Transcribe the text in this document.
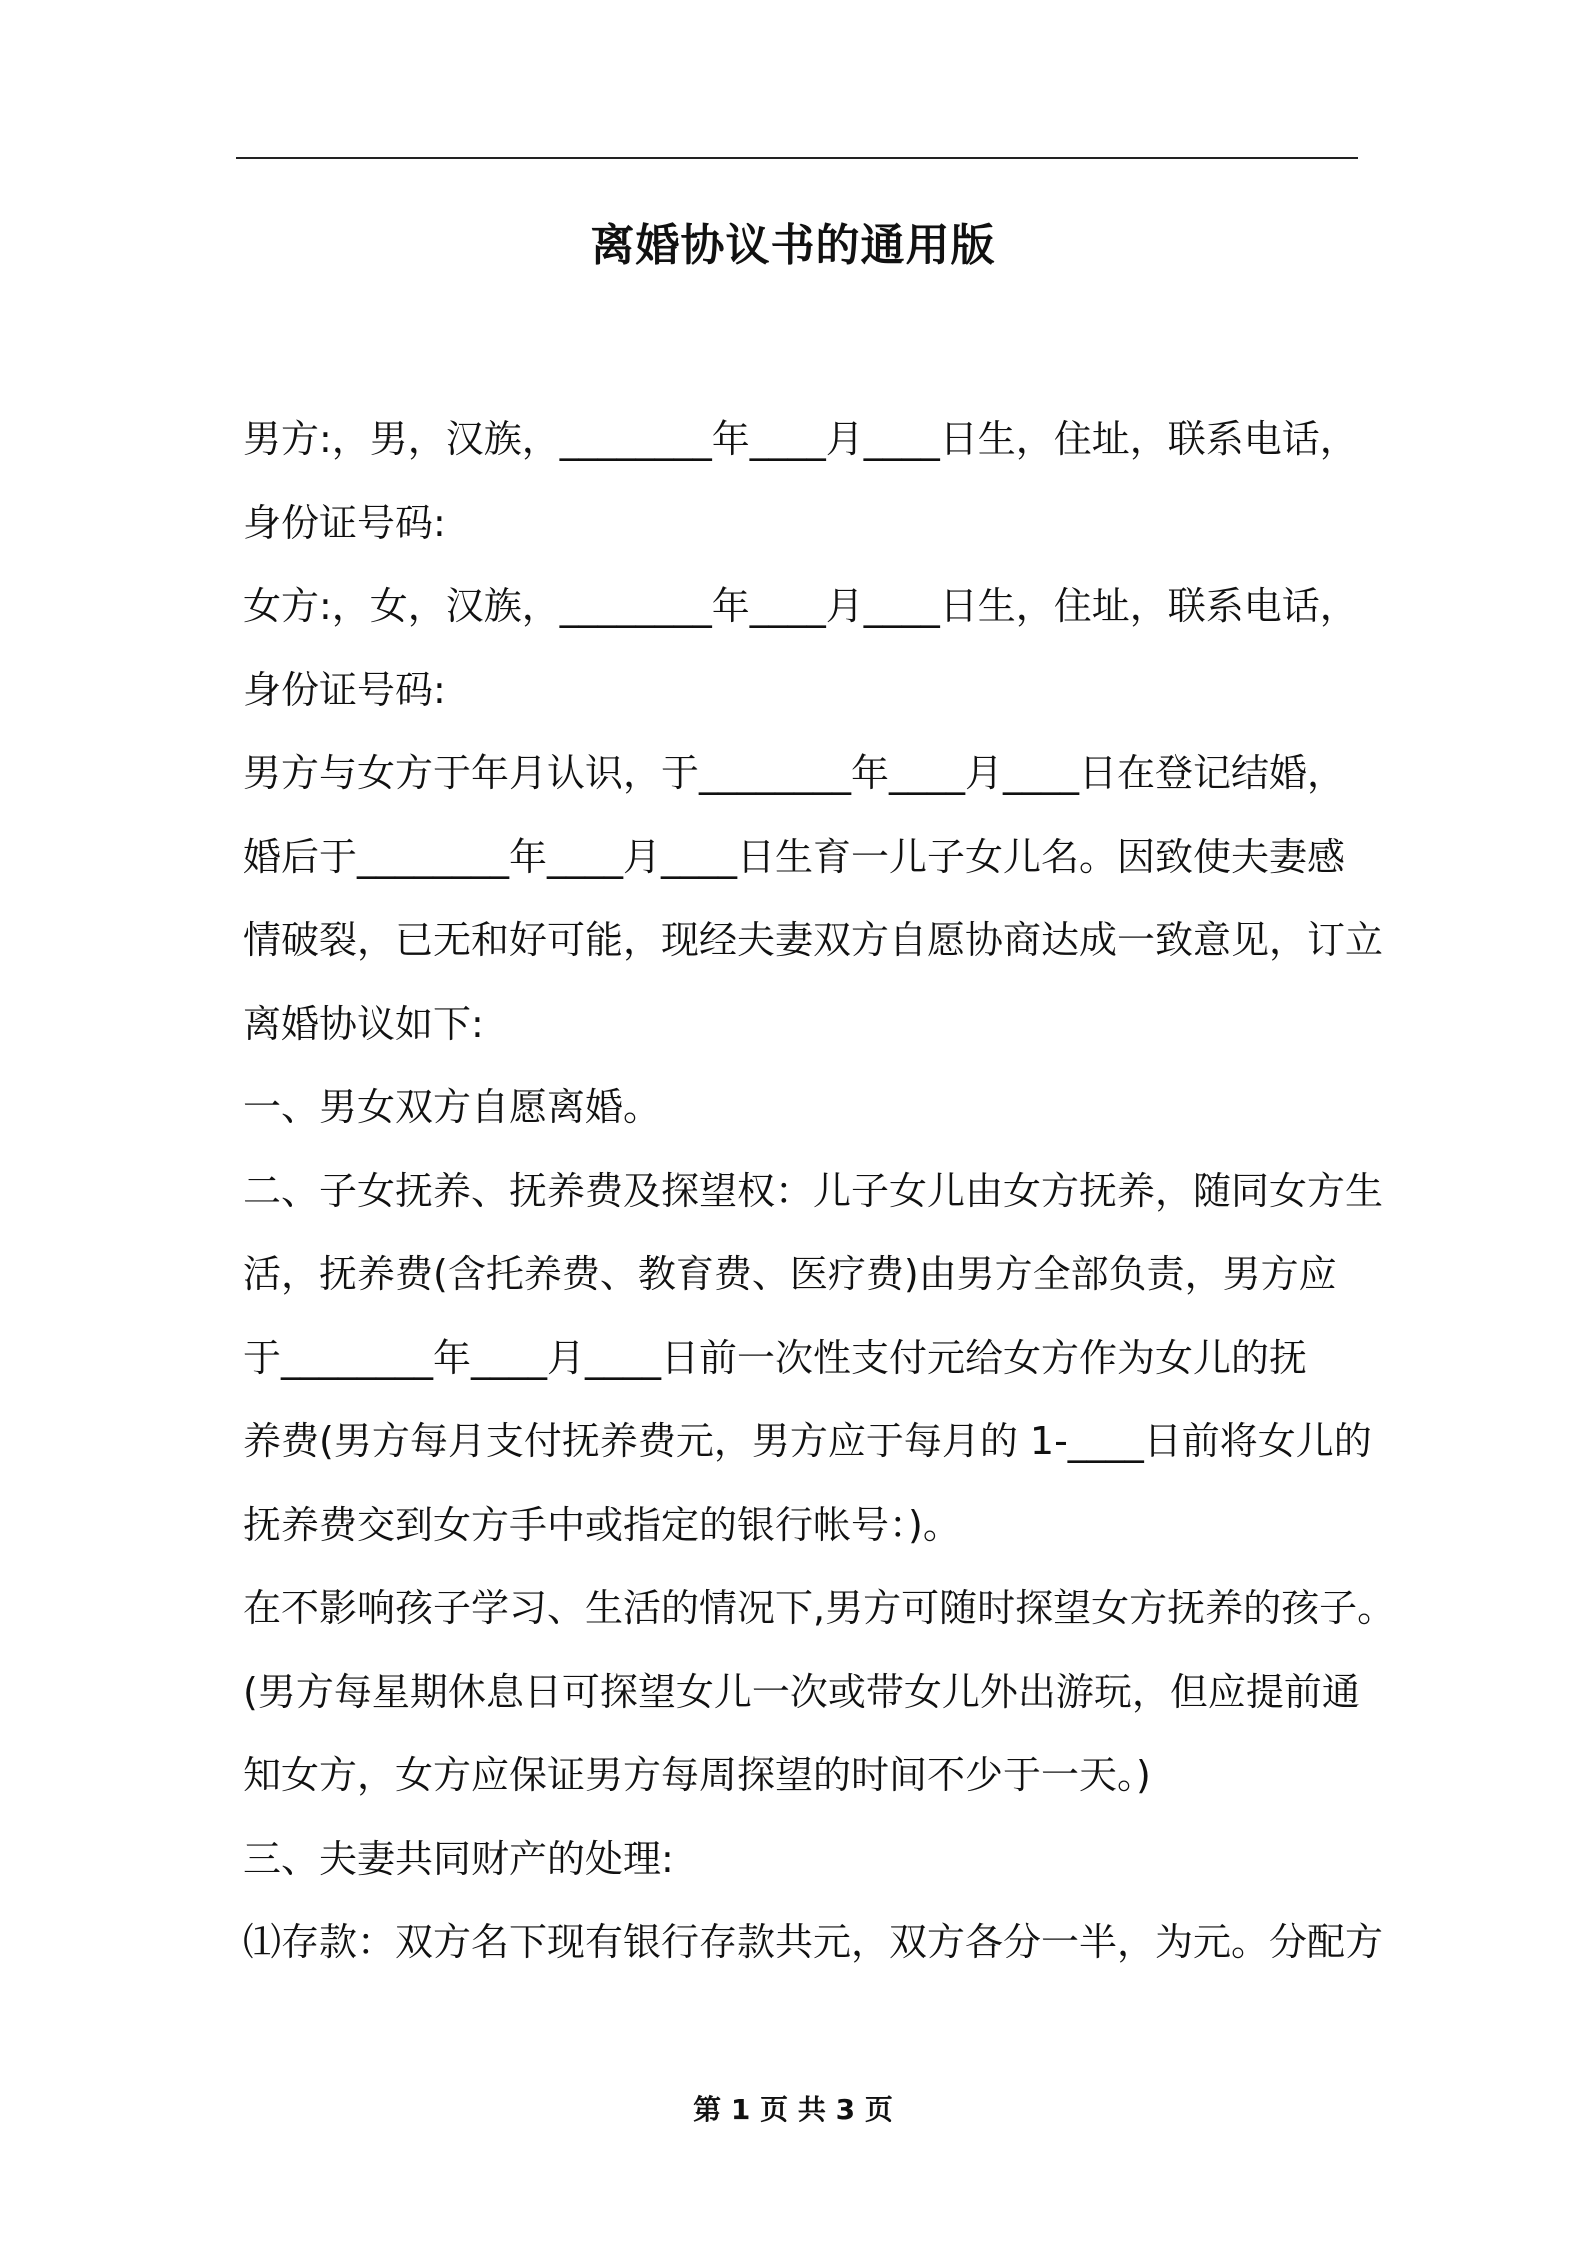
离婚协议书的通用版

男方:，男，汉族，________年____月____日生，住址，联系电话，

身份证号码:

女方:，女，汉族，________年____月____日生，住址，联系电话，

身份证号码:

男方与女方于年月认识，于________年____月____日在登记结婚，

婚后于________年____月____日生育一儿子女儿名。因致使夫妻感

情破裂，已无和好可能，现经夫妻双方自愿协商达成一致意见，订立

离婚协议如下:

一、男女双方自愿离婚。

二、子女抚养、抚养费及探望权：儿子女儿由女方抚养，随同女方生

活，抚养费(含托养费、教育费、医疗费)由男方全部负责，男方应

于________年____月____日前一次性支付元给女方作为女儿的抚

养费(男方每月支付抚养费元，男方应于每月的 1-____日前将女儿的

抚养费交到女方手中或指定的银行帐号：)。

在不影响孩子学习、生活的情况下,男方可随时探望女方抚养的孩子。

(男方每星期休息日可探望女儿一次或带女儿外出游玩，但应提前通

知女方，女方应保证男方每周探望的时间不少于一天。)

三、夫妻共同财产的处理:

⑴存款：双方名下现有银行存款共元，双方各分一半，为元。分配方

第 1 页 共 3 页
